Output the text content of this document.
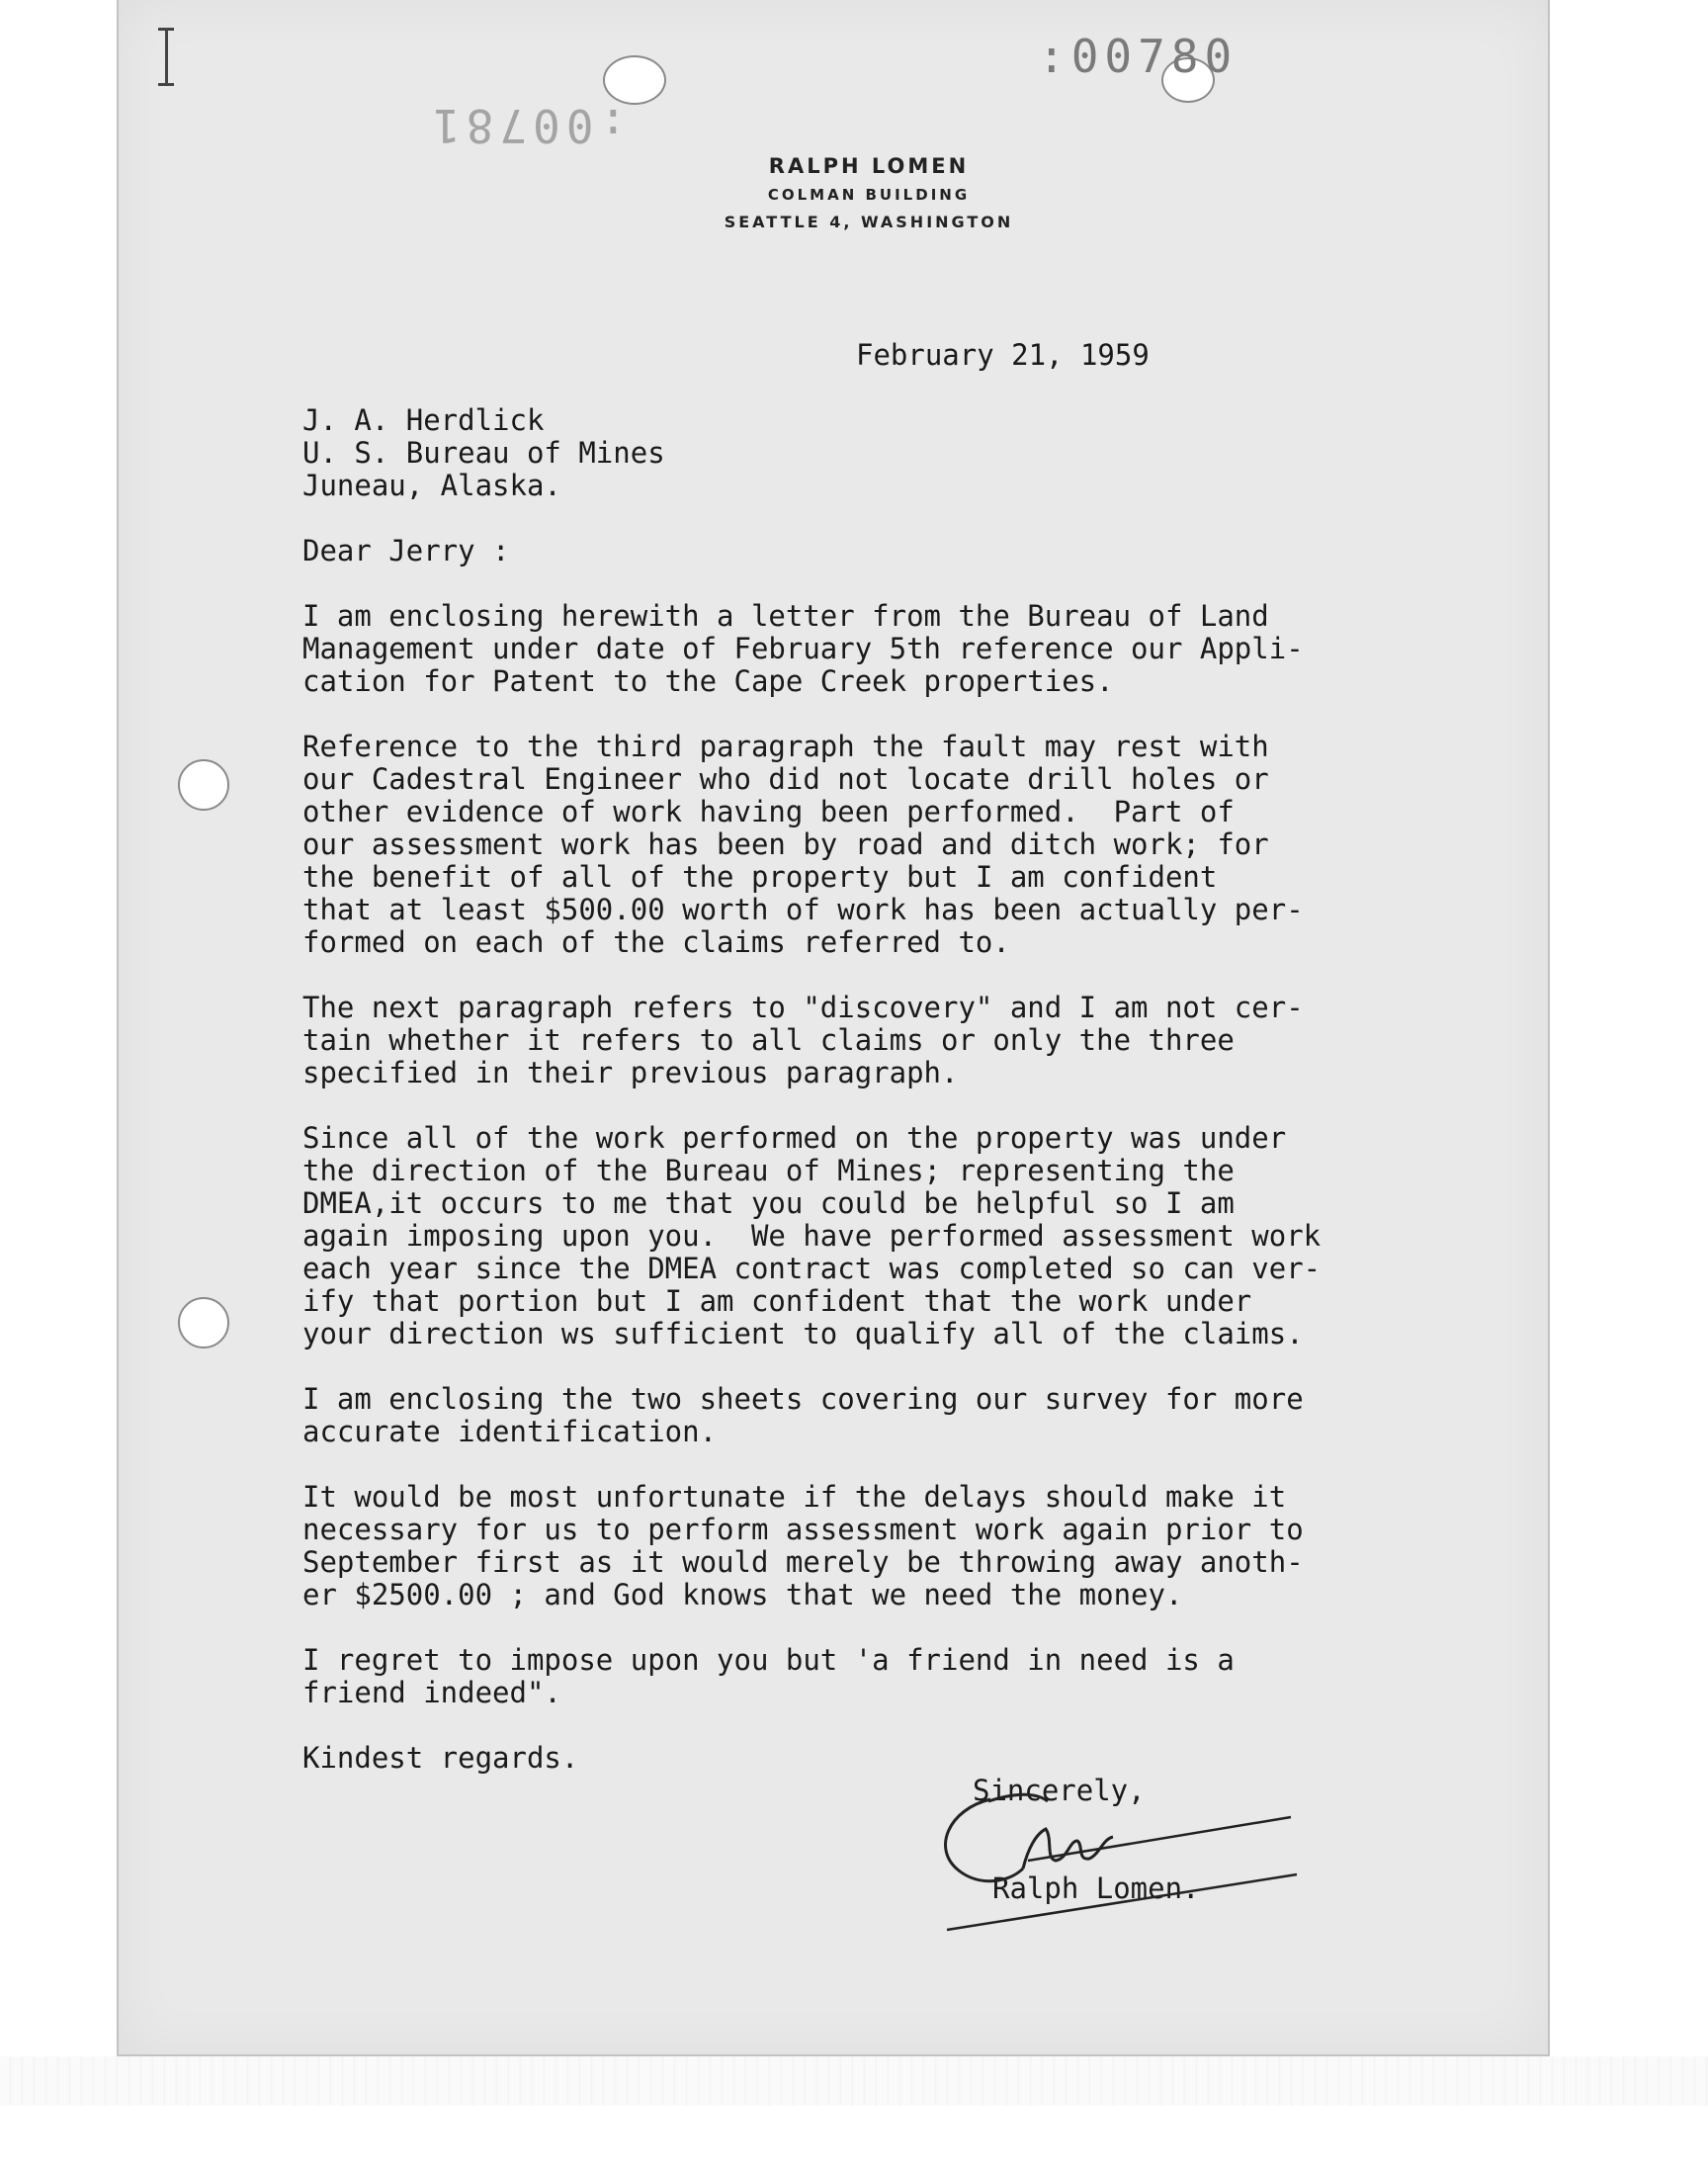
:00780
:00781
RALPH LOMEN
COLMAN BUILDING
SEATTLE 4, WASHINGTON
February 21, 1959
J. A. Herdlick
U. S. Bureau of Mines
Juneau, Alaska.
Dear Jerry :
I am enclosing herewith a letter from the Bureau of Land
Management under date of February 5th reference our Appli-
cation for Patent to the Cape Creek properties.
Reference to the third paragraph the fault may rest with
our Cadestral Engineer who did not locate drill holes or
other evidence of work having been performed.  Part of
our assessment work has been by road and ditch work; for
the benefit of all of the property but I am confident
that at least $500.00 worth of work has been actually per-
formed on each of the claims referred to.
The next paragraph refers to "discovery" and I am not cer-
tain whether it refers to all claims or only the three
specified in their previous paragraph.
Since all of the work performed on the property was under
the direction of the Bureau of Mines; representing the
DMEA,it occurs to me that you could be helpful so I am
again imposing upon you.  We have performed assessment work
each year since the DMEA contract was completed so can ver-
ify that portion but I am confident that the work under
your direction ws sufficient to qualify all of the claims.
I am enclosing the two sheets covering our survey for more
accurate identification.
It would be most unfortunate if the delays should make it
necessary for us to perform assessment work again prior to
September first as it would merely be throwing away anoth-
er $2500.00 ; and God knows that we need the money.
I regret to impose upon you but 'a friend in need is a
friend indeed".
Kindest regards.
Sincerely,
Ralph Lomen.
